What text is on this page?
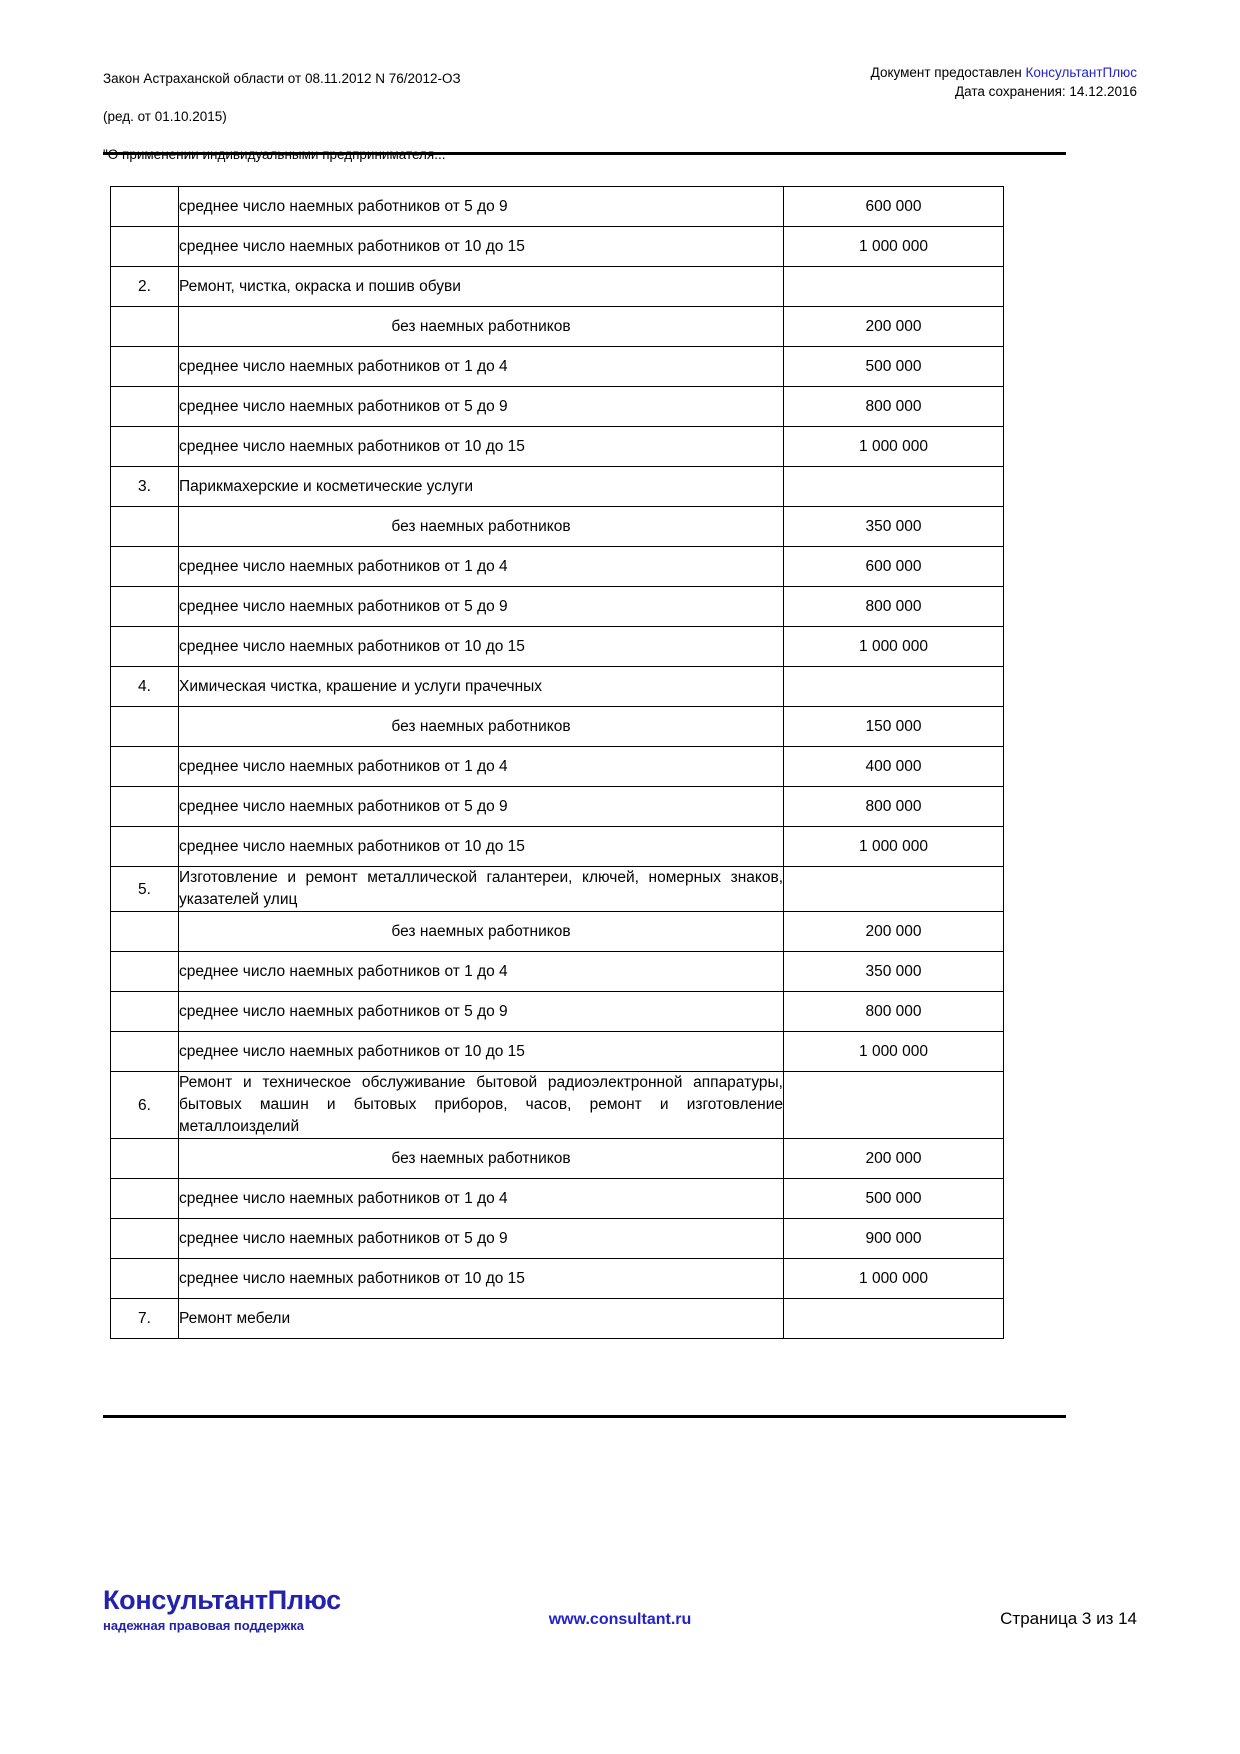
Закон Астраханской области от 08.11.2012 N 76/2012-ОЗ

(ред. от 01.10.2015)

Документ предоставлен КонсультантПлюс
Дата сохранения: 14.12.2016
	среднее число наемных работников от 5 до 9	600 000
	среднее число наемных работников от 10 до 15	1 000 000
2.	Ремонт, чистка, окраска и пошив обуви	
	без наемных работников	200 000
	среднее число наемных работников от 1 до 4	500 000
	среднее число наемных работников от 5 до 9	800 000
	среднее число наемных работников от 10 до 15	1 000 000
3.	Парикмахерские и косметические услуги	
	без наемных работников	350 000
	среднее число наемных работников от 1 до 4	600 000
	среднее число наемных работников от 5 до 9	800 000
	среднее число наемных работников от 10 до 15	1 000 000
4.	Химическая чистка, крашение и услуги прачечных	
	без наемных работников	150 000
	среднее число наемных работников от 1 до 4	400 000
	среднее число наемных работников от 5 до 9	800 000
	среднее число наемных работников от 10 до 15	1 000 000
5.	Изготовление и ремонт металлической галантереи, ключей, номерных знаков, указателей улиц	
	без наемных работников	200 000
	среднее число наемных работников от 1 до 4	350 000
	среднее число наемных работников от 5 до 9	800 000
	среднее число наемных работников от 10 до 15	1 000 000
6.	Ремонт и техническое обслуживание бытовой радиоэлектронной аппаратуры, бытовых машин и бытовых приборов, часов, ремонт и изготовление металлоизделий	
	без наемных работников	200 000
	среднее число наемных работников от 1 до 4	500 000
	среднее число наемных работников от 5 до 9	900 000
	среднее число наемных работников от 10 до 15	1 000 000
7.	Ремонт мебели	
КонсультантПлюс
надежная правовая поддержка	www.consultant.ru	Страница 3 из 14
